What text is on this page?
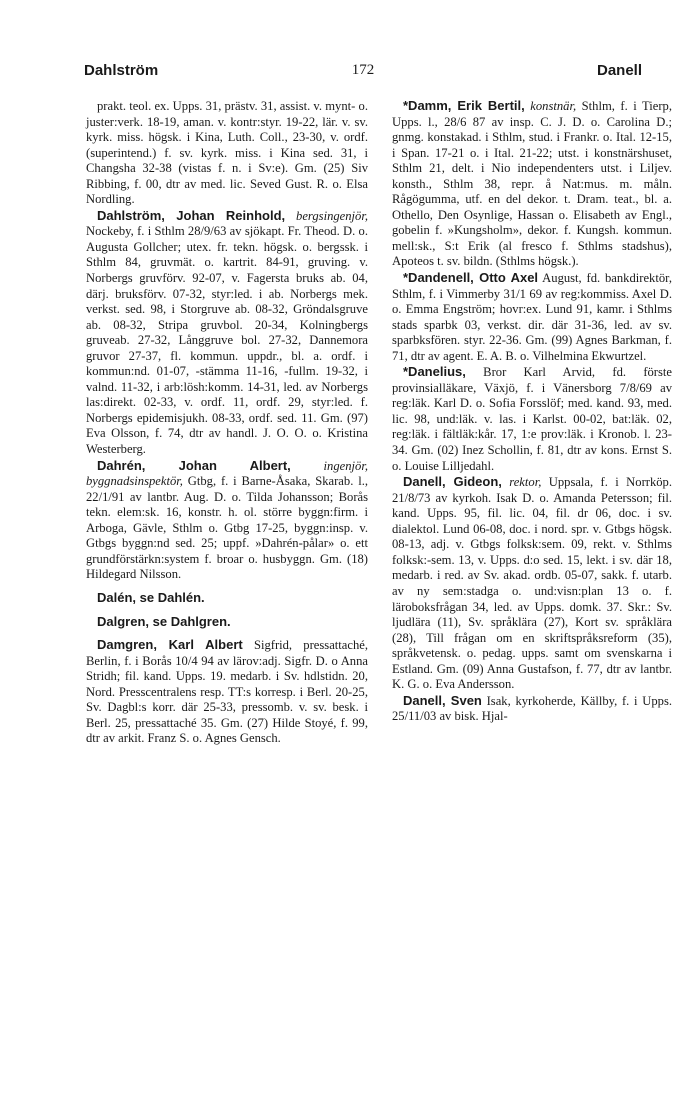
Dahlström	172	Danell

prakt. teol. ex. Upps. 31, prästv. 31, assist. v. mynt- o. juster:verk. 18-19, aman. v. kontr:styr. 19-22, lär. v. sv. kyrk. miss. högsk. i Kina, Luth. Coll., 23-30, v. ordf. (superintend.) f. sv. kyrk. miss. i Kina sed. 31, i Changsha 32-38 (vistas f. n. i Sv:e). Gm. (25) Siv Ribbing, f. 00, dtr av med. lic. Seved Gust. R. o. Elsa Nordling.

Dahlström, Johan Reinhold, bergsingenjör, Nockeby, f. i Sthlm 28/9/63 av sjökapt. Fr. Theod. D. o. Augusta Gollcher; utex. fr. tekn. högsk. o. bergssk. i Sthlm 84, gruvmät. o. kartrit. 84-91, gruving. v. Norbergs gruvförv. 92-07, v. Fagersta bruks ab. 04, därj. bruksförv. 07-32, styr:led. i ab. Norbergs mek. verkst. sed. 98, i Storgruve ab. 08-32, Gröndalsgruve ab. 08-32, Stripa gruvbol. 20-34, Kolningbergs gruveab. 27-32, Långgruve bol. 27-32, Dannemora gruvor 27-37, fl. kommun. uppdr., bl. a. ordf. i kommun:nd. 01-07, -stämma 11-16, -fullm. 19-32, i valnd. 11-32, i arb:lösh:komm. 14-31, led. av Norbergs las:direkt. 02-33, v. ordf. 11, ordf. 29, styr:led. f. Norbergs epidemisjukh. 08-33, ordf. sed. 11. Gm. (97) Eva Olsson, f. 74, dtr av handl. J. O. O. o. Kristina Westerberg.

Dahrén, Johan Albert,	ingenjör, byggnadsinspektör, Gtbg, f. i Barne-Åsaka, Skarab. l., 22/1/91 av lantbr. Aug. D. o. Tilda Johansson; Borås tekn. elem:sk. 16, konstr. h. ol. större byggn:firm. i Arboga, Gävle, Sthlm o. Gtbg 17-25, byggn:insp. v. Gtbgs byggn:nd sed. 25; uppf. »Dahrén-pålar» o. ett grundförstärkn:system f. broar o. husbyggn. Gm. (18) Hildegard Nilsson.

Dalén, se Dahlén.

Dalgren, se Dahlgren.

Damgren, Karl Albert Sigfrid, pressattaché, Berlin, f. i Borås 10/4 94 av lärov:adj. Sigfr. D. o Anna Stridh; fil. kand. Upps. 19. medarb. i Sv. hdlstidn. 20, Nord. Presscentralens resp. TT:s korresp. i Berl. 20-25, Sv. Dagbl:s korr. där 25-33, pressomb. v. sv. besk. i Berl. 25, pressattaché 35. Gm. (27) Hilde Stoyé, f. 99, dtr av arkit. Franz S. o. Agnes Gensch.

*Damm, Erik Bertil, konstnär, Sthlm, f. i Tierp, Upps. l., 28/6 87 av insp. C. J. D. o. Carolina D.; gnmg. konstakad. i Sthlm, stud. i Frankr. o. Ital. 12-15, i Span. 17-21 o. i Ital. 21-22; utst. i konstnärshuset, Sthlm 21, delt. i Nio independenters utst. i Liljev. konsth., Sthlm 38, repr. å Nat:mus. m. måln. Rågögumma, utf. en del dekor. t. Dram. teat., bl. a. Othello, Den Osynlige, Hassan o. Elisabeth av Engl., gobelin f. »Kungsholm», dekor. f. Kungsh. kommun. mell:sk., S:t Erik (al fresco f. Sthlms stadshus), Apoteos t. sv. bildn. (Sthlms högsk.).

*Dandenell, Otto Axel August, fd. bankdirektör, Sthlm, f. i Vimmerby 31/1 69 av reg:kommiss. Axel D. o. Emma Engström; hovr:ex. Lund 91, kamr. i Sthlms stads sparbk 03, verkst. dir. där 31-36, led. av sv. sparbksfören. styr. 22-36. Gm. (99) Agnes Barkman, f. 71, dtr av agent. E. A. B. o. Vilhelmina Ekwurtzel.

*Danelius, Bror Karl Arvid, fd. förste provinsialläkare, Växjö, f. i Vänersborg 7/8/69 av reg:läk. Karl D. o. Sofia Forsslöf; med. kand. 93, med. lic. 98, und:läk. v. las. i Karlst. 00-02, bat:läk. 02, reg:läk. i fältläk:kår. 17, 1:e prov:läk. i Kronob. l. 23-34. Gm. (02) Inez Schollin, f. 81, dtr av kons. Ernst S. o. Louise Lilljedahl.

Danell, Gideon, rektor, Uppsala, f. i Norrköp. 21/8/73 av kyrkoh. Isak D. o. Amanda Petersson; fil. kand. Upps. 95, fil. lic. 04, fil. dr 06, doc. i sv. dialektol. Lund 06-08, doc. i nord. spr. v. Gtbgs högsk. 08-13, adj. v. Gtbgs folksk:sem. 09, rekt. v. Sthlms folksk:-sem. 13, v. Upps. d:o sed. 15, lekt. i sv. där 18, medarb. i red. av Sv. akad. ordb. 05-07, sakk. f. utarb. av ny sem:stadga o. und:visn:plan 13 o. f. läroboksfrågan 34, led. av Upps. domk. 37. Skr.: Sv. ljudlära (11), Sv. språklära (27), Kort sv. språklära (28), Till frågan om en skriftspråksreform (35), språkvetensk. o. pedag. upps. samt om svenskarna i Estland. Gm. (09) Anna Gustafson, f. 77, dtr av lantbr. K. G. o. Eva Andersson.

Danell, Sven Isak, kyrkoherde, Källby, f. i Upps. 25/11/03 av bisk. Hjal-
